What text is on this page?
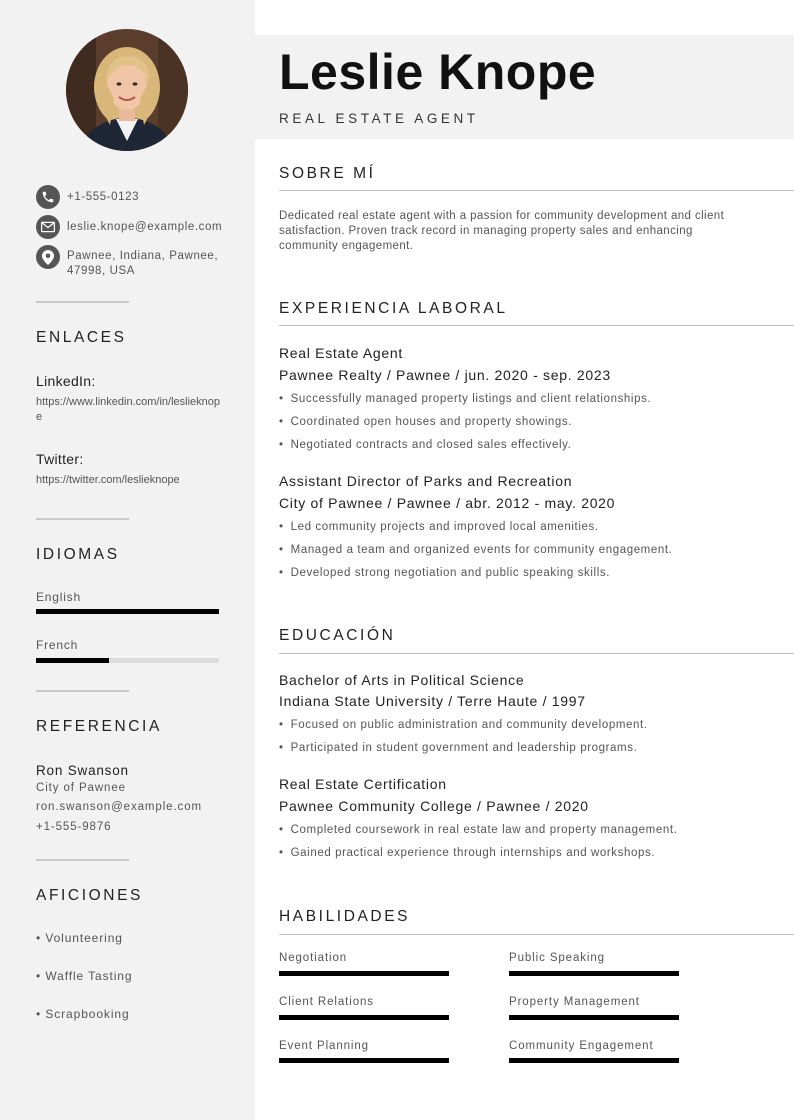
+1-555-0123
leslie.knope@example.com
Pawnee, Indiana, Pawnee, 47998, USA
ENLACES
LinkedIn:
https://www.linkedin.com/in/leslieknope
Twitter:
https://twitter.com/leslieknope
IDIOMAS
English
French
REFERENCIA
Ron Swanson
City of Pawnee
ron.swanson@example.com
+1-555-9876
AFICIONES
• Volunteering
• Waffle Tasting
• Scrapbooking
Leslie Knope
REAL ESTATE AGENT
SOBRE MÍ
Dedicated real estate agent with a passion for community development and client satisfaction. Proven track record in managing property sales and enhancing community engagement.
EXPERIENCIA LABORAL
Real Estate Agent
Pawnee Realty / Pawnee / jun. 2020 - sep. 2023
• Successfully managed property listings and client relationships.
• Coordinated open houses and property showings.
• Negotiated contracts and closed sales effectively.
Assistant Director of Parks and Recreation
City of Pawnee / Pawnee / abr. 2012 - may. 2020
• Led community projects and improved local amenities.
• Managed a team and organized events for community engagement.
• Developed strong negotiation and public speaking skills.
EDUCACIÓN
Bachelor of Arts in Political Science
Indiana State University / Terre Haute / 1997
• Focused on public administration and community development.
• Participated in student government and leadership programs.
Real Estate Certification
Pawnee Community College / Pawnee / 2020
• Completed coursework in real estate law and property management.
• Gained practical experience through internships and workshops.
HABILIDADES
Negotiation	Public Speaking
Client Relations	Property Management
Event Planning	Community Engagement
